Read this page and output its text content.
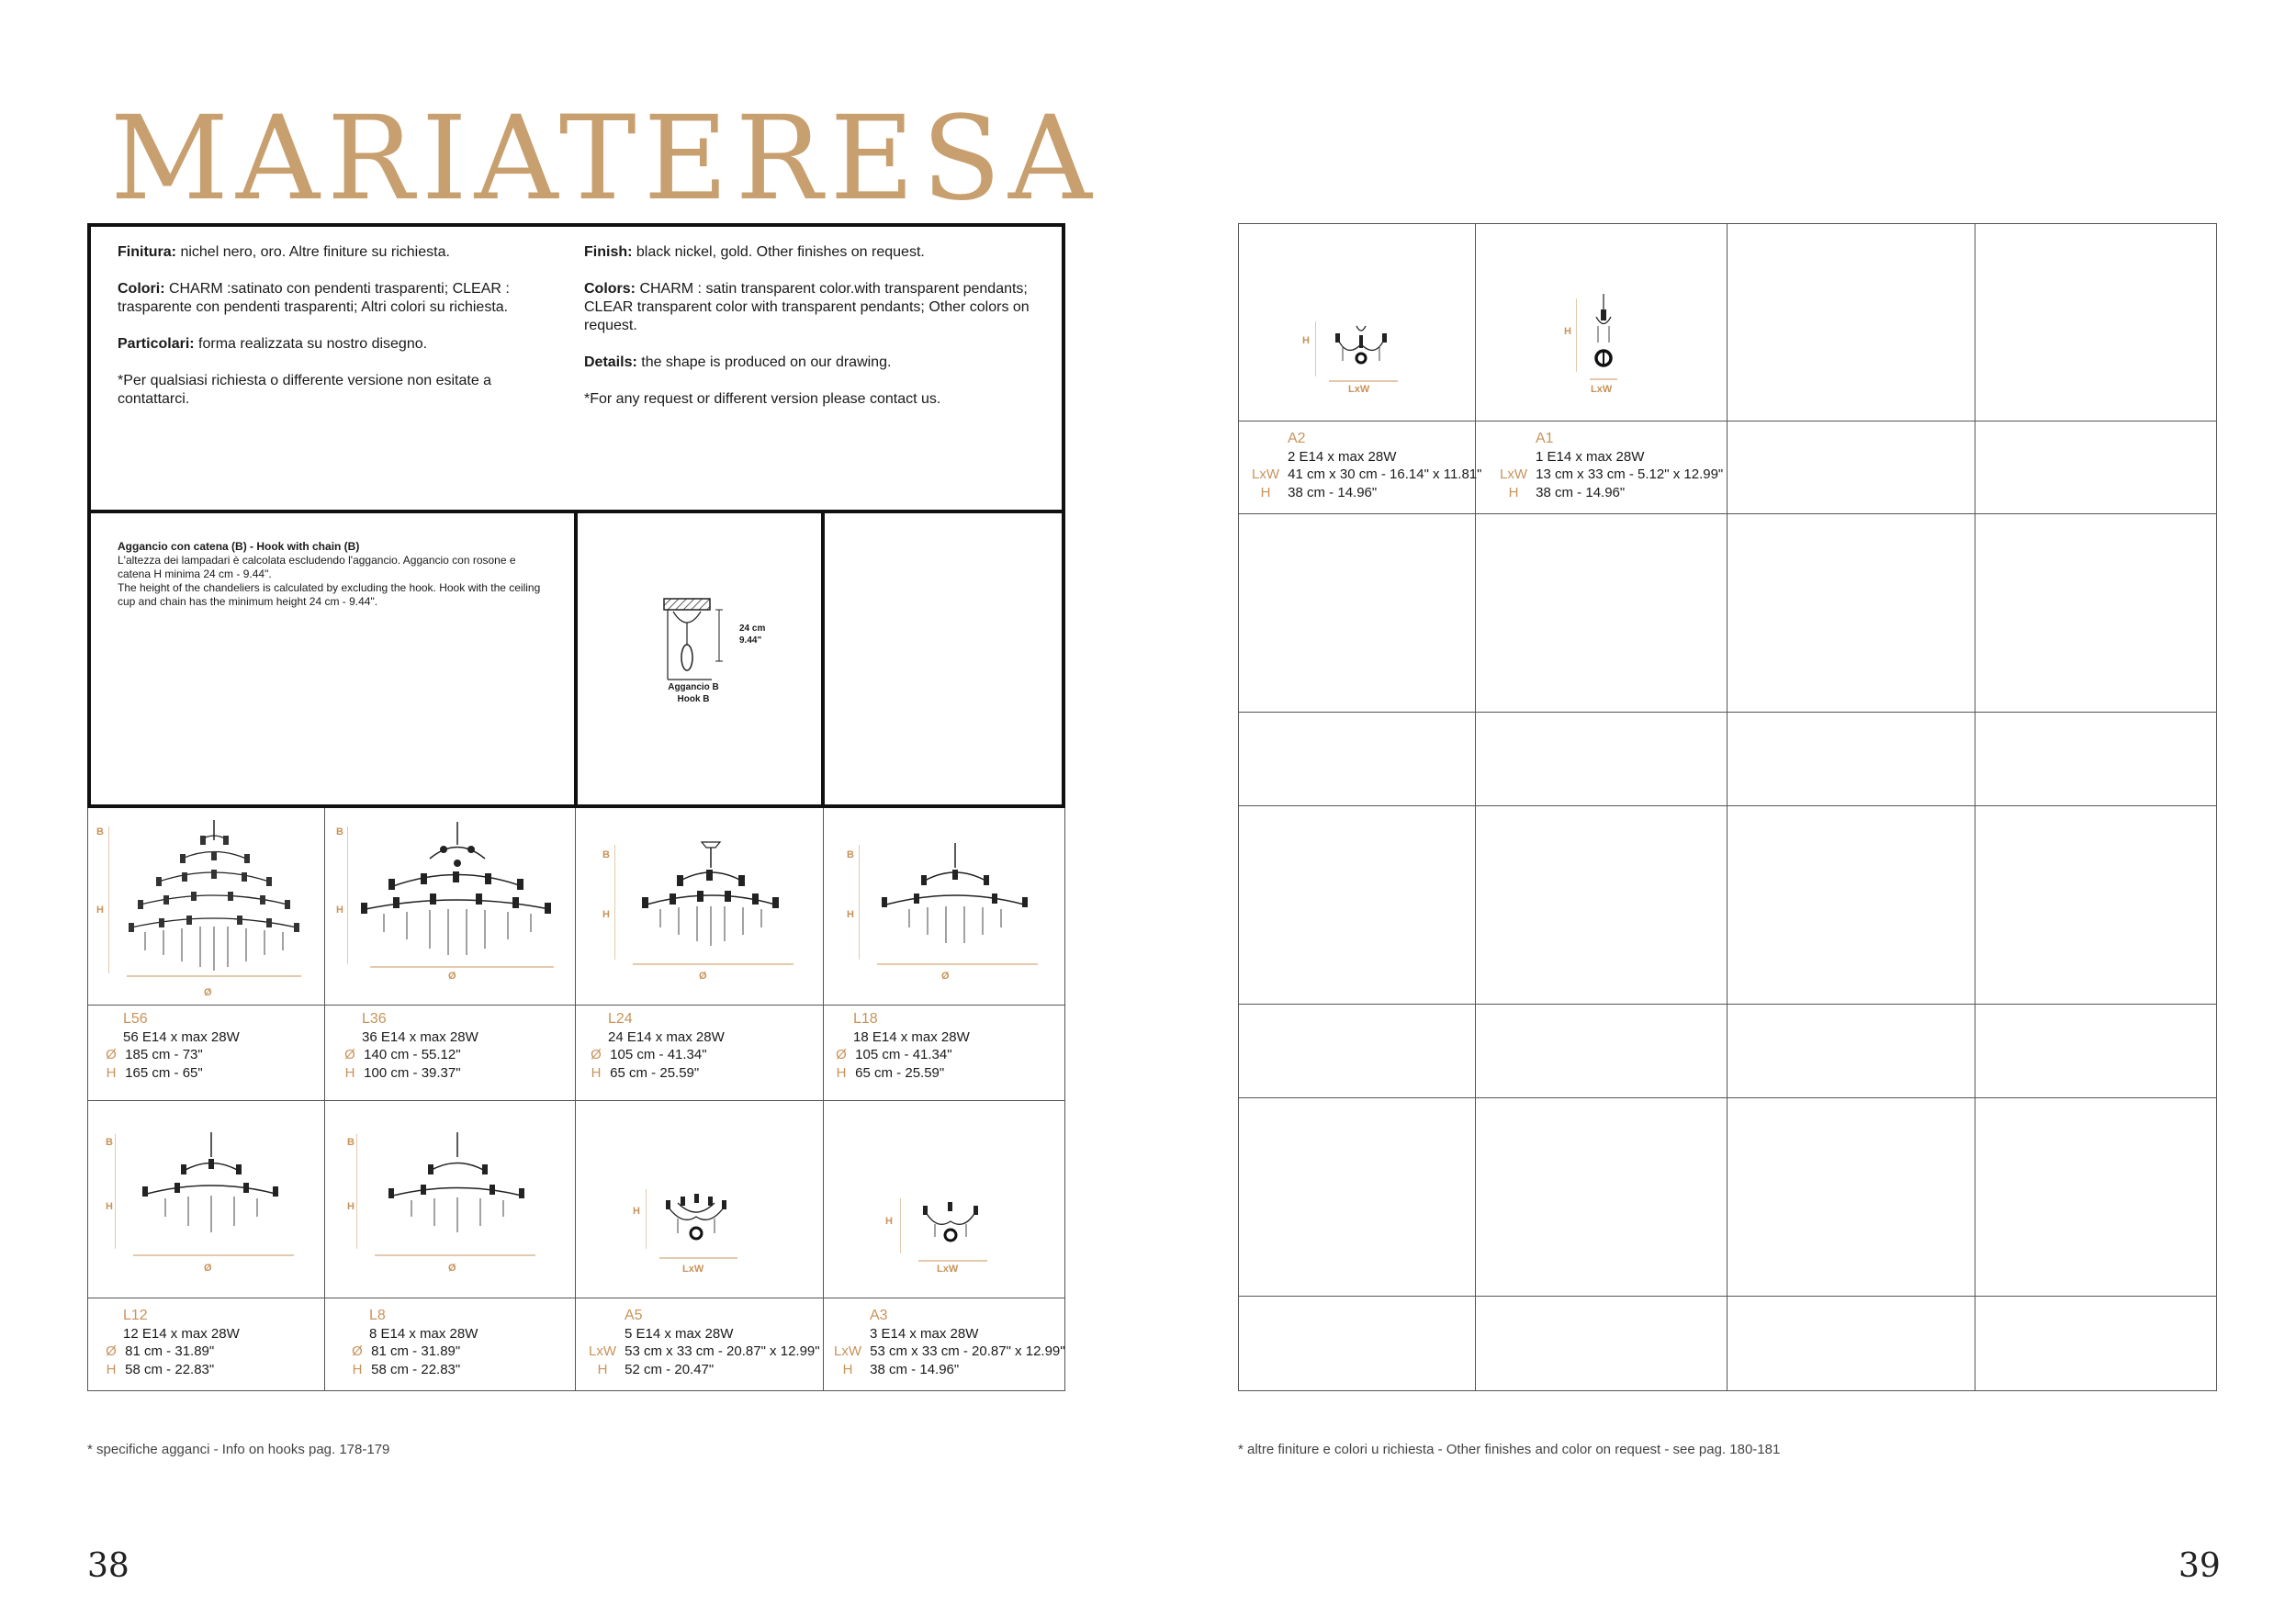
MARIATERESA

Finitura: nichel nero, oro. Altre finiture su richiesta.

Colori: CHARM :satinato con pendenti trasparenti; CLEAR : trasparente con pendenti trasparenti; Altri colori su richiesta.

Particolari: forma realizzata su nostro disegno.

*Per qualsiasi richiesta o differente versione non esitate a contattarci.

Finish: black nickel, gold. Other finishes on request.

Colors: CHARM : satin transparent color.with transparent pendants; CLEAR transparent color with transparent pendants; Other colors on request.

Details: the shape is produced on our drawing.

*For any request or different version please contact us.

Aggancio con catena (B) - Hook with chain (B)
L'altezza dei lampadari è calcolata escludendo l'aggancio. Aggancio con rosone e catena H minima 24 cm - 9.44".
The height of the chandeliers is calculated by excluding the hook. Hook with the ceiling cup and chain has the minimum height 24 cm - 9.44".
24 cm
9.44"
Aggancio B
Hook B
B
H
Ø
B
H
Ø
B
H
Ø
B
H
Ø
B
H
Ø
B
H
Ø
H
LxW
H
LxW
H
LxW
H
LxW
L56
56 E14 x max 28W
Ø 185 cm - 73"
H 165 cm - 65"
L36
36 E14 x max 28W
Ø 140 cm - 55.12"
H 100 cm - 39.37"
L24
24 E14 x max 28W
Ø 105 cm - 41.34"
H 65 cm - 25.59"
L18
18 E14 x max 28W
Ø 105 cm - 41.34"
H 65 cm - 25.59"
L12
12 E14 x max 28W
Ø 81 cm - 31.89"
H 58 cm - 22.83"
L8
8 E14 x max 28W
Ø 81 cm - 31.89"
H 58 cm - 22.83"
A5
5 E14 x max 28W
LxW 53 cm x 33 cm - 20.87" x 12.99"
H 52 cm - 20.47"
A3
3 E14 x max 28W
LxW 53 cm x 33 cm - 20.87" x 12.99"
H 38 cm - 14.96"
A2
2 E14 x max 28W
LxW 41 cm x 30 cm - 16.14" x 11.81"
H 38 cm - 14.96"
A1
1 E14 x max 28W
LxW 13 cm x 33 cm - 5.12" x 12.99"
H 38 cm - 14.96"
* specifiche agganci - Info on hooks pag. 178-179	* altre finiture e colori u richiesta - Other finishes and color on request - see pag. 180-181
38	39
